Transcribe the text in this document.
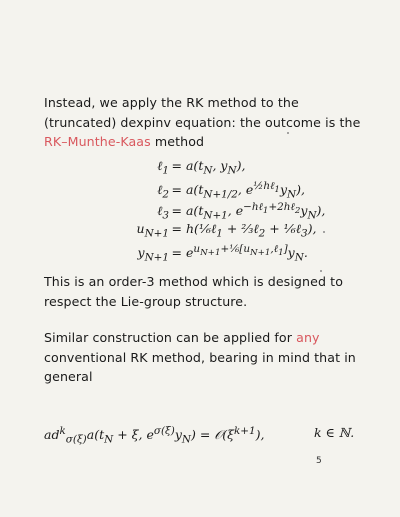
Instead, we apply the RK method to the (truncated) dexpinv equation: the outcome is the RK–Munthe-Kaas method
ℓ$_1$ = $a(t_N$, $y_N$),
ℓ$_2$ = $a(t_{N+1/2}$, $e^{\frac{1}{2}h\ell_1}y_N$),
ℓ$_3$ = $a(t_{N+1}$, $e^{-h\ell_1+2h\ell_2}y_N$),
$u_{N+1}$ = h(⅙ℓ$_1$ + ⅔ℓ$_2$ + ⅙ℓ$_3$),
$y_{N+1} = e^{u_{N+1}+\frac{1}{6}[u_{N+1},\ell_1]}y_N$.
This is an order-3 method which is designed to respect the Lie-group structure.
Similar construction can be applied for any conventional RK method, bearing in mind that in general
$ad^k_{\sigma(\xi)}a(t_N + \xi$, $e^{\sigma(\xi)}y_N$) = $𝒪(\xi^{k+1})$,	k ∈ ℕ.
5
